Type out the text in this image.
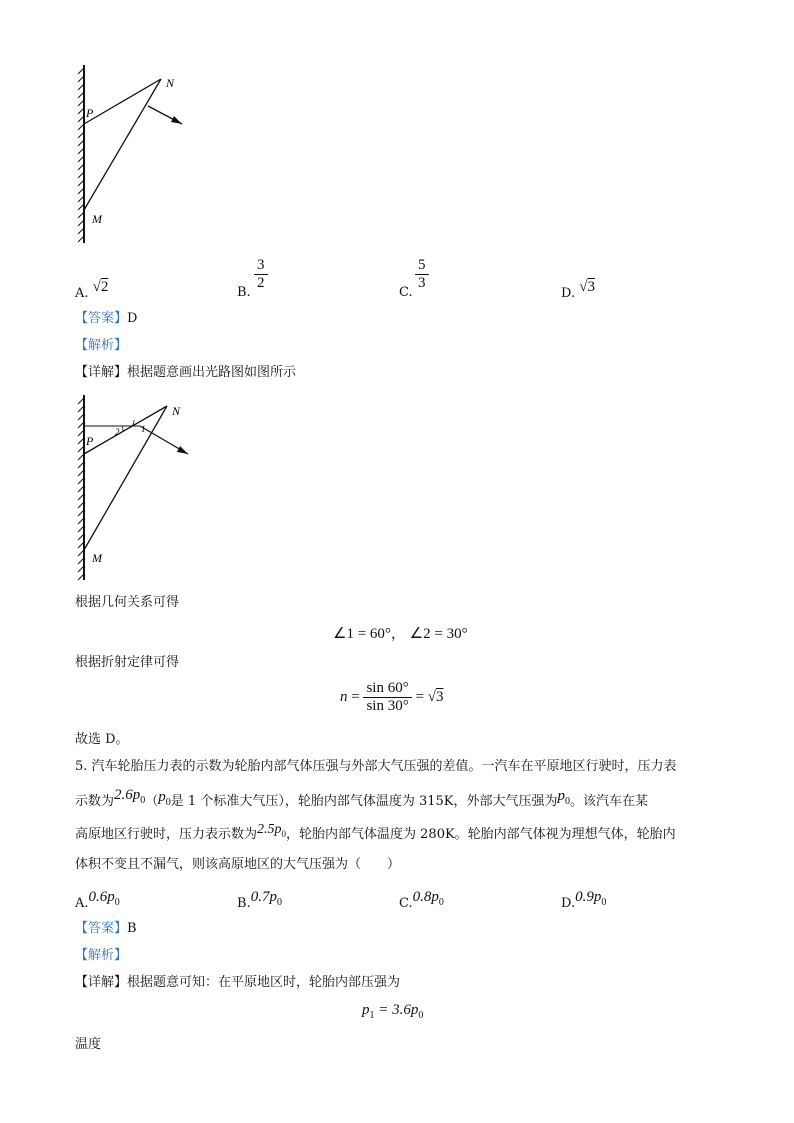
N
P
M
A. √2	B.
$\frac{3}{2}$
C.
$\frac{5}{3}$
D. √3
【答案】D
【解析】
【详解】根据题意画出光路图如图所示
2 1
N
P
M
根据几何关系可得
∠1 = 60°， ∠2 = 30°
根据折射定律可得
$n = \frac{\sin 60^\circ}{\sin 30^\circ} = √3$
故选 D。
5. 汽车轮胎压力表的示数为轮胎内部气体压强与外部大气压强的差值。一汽车在平原地区行驶时，压力表
示数为$2.6p_0(p_0$是 1 个标准大气压），轮胎内部气体温度为 315K，外部大气压强为$p_0$。该汽车在某
高原地区行驶时，压力表示数为$2.5p_0$，轮胎内部气体温度为 280K。轮胎内部气体视为理想气体，轮胎内
体积不变且不漏气，则该高原地区的大气压强为（　　）
$A.0.6p_0$	$B.0.7p_0$	$C.0.8p_0$	$D.0.9p_0$
【答案】B
【解析】
【详解】根据题意可知：在平原地区时，轮胎内部压强为
$p_1 = 3.6p_0$
温度
